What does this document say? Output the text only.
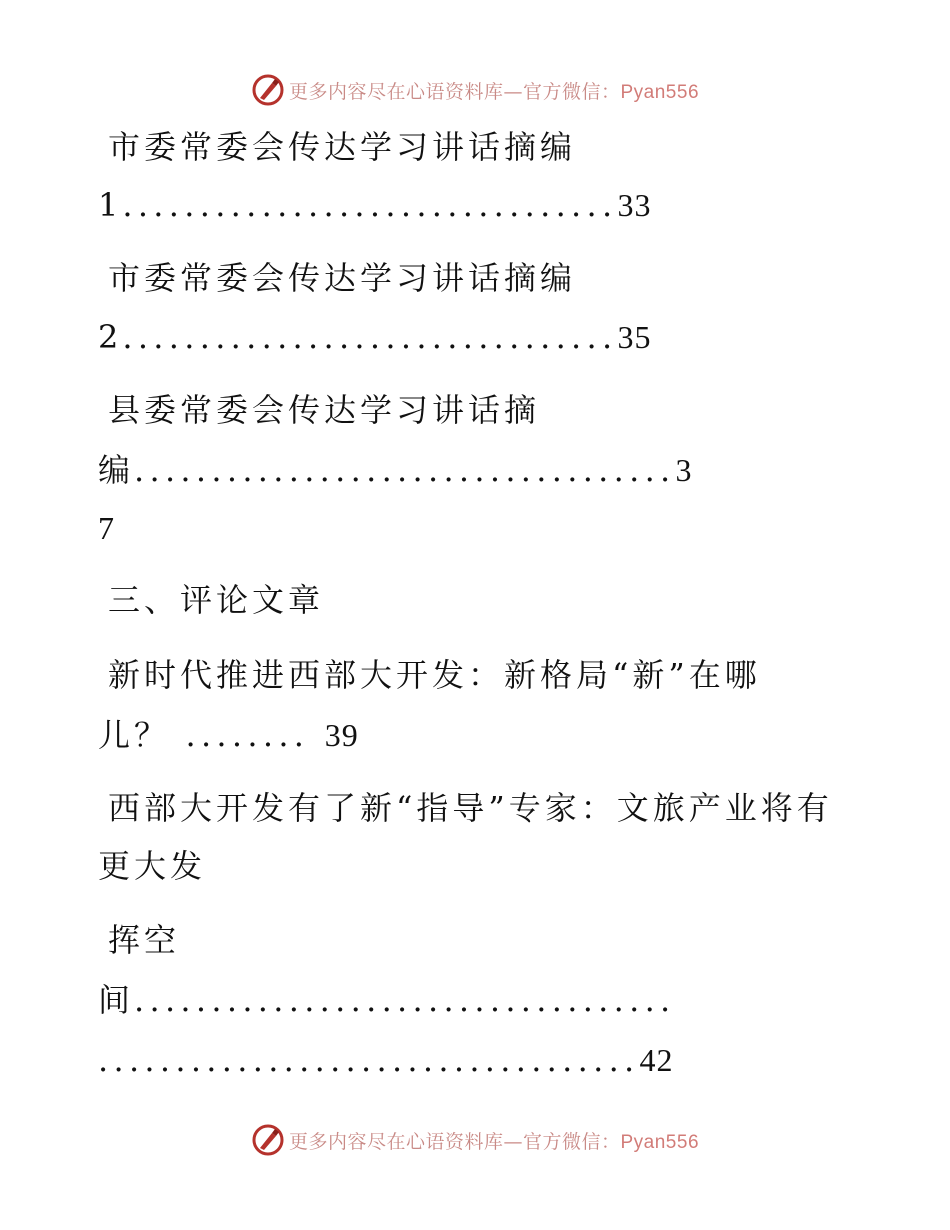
更多内容尽在心语资料库—官方微信：Pyan556
市委常委会传达学习讲话摘编
1................................33
市委常委会传达学习讲话摘编
2................................35
县委常委会传达学习讲话摘
编...................................3
7
三、评论文章
新时代推进西部大开发：新格局“新”在哪
儿？ ........ 39
西部大开发有了新“指导”专家：文旅产业将有
更大发
挥空
间...................................
...................................42
更多内容尽在心语资料库—官方微信：Pyan556
